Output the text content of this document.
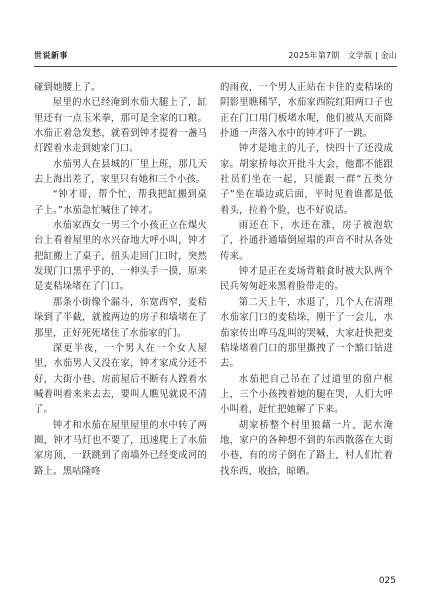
世说新事	2025年第7期　文学版 | 金山

碰到她腰上了。

屋里的水已经淹到水茄大腿上了，缸里还有一点玉米拳，那可是全家的口粮。水茄正着急发愁，就看到钟才提着一盏马灯蹚着水走到她家门口。

水茄男人在县城的厂里上班，那几天去上海出差了，家里只有她和三个小孩。

“钟才哥，帮个忙，帮我把缸搬到桌子上。”水茄急忙喊住了钟才。

水茄家西女一男三个小孩正立在煤火台上看着屋里的水兴奋地大呼小叫，钟才把缸搬上了桌子，扭头走回门口时，突然发现门口黑乎乎的，一伸头手一摸，原来是麦秸垛堵在了门口。

那条小街像个漏斗，东宽西窄，麦秸垛到了半截，就被两边的房子和墙堵在了那里，正好死死堵住了水茄家的门。

深更半夜，一个男人在一个女人屋里，水茄男人又没在家，钟才家成分还不好，大街小巷、房前屋后不断有人蹚着水喊着叫着来来去去，要叫人瞧见就说不清了。

钟才和水茄在屋里屋里的水中转了两圈，钟才马灯也不要了，迅速爬上了水茄家房顶，一跃跳到了南墙外已经变成河的路上。黑咕隆咚

的雨夜，一个男人正站在卡住的麦秸垛的阴影里瞧稀罕，水茄家西院红阳两口子也正在门口用门板堵水呢，他们被从天而降扑通一声落入水中的钟才吓了一跳。

钟才是地主的儿子，快四十了还没成家。胡家桥每次开批斗大会，他都不能跟社员们坐在一起，只能跟一群“五类分子”坐在墙边或后面，平时见着谁都是低着头，拉着个脸，也不好说话。

雨还在下，水还在涨，房子被泡软了，扑通扑通墙倒屋塌的声音不时从各处传来。

钟才是正在麦场背粮食时被大队两个民兵匆匆赶来黑着脸带走的。

第二天上午，水退了，几个人在清理水茄家门口的麦秸垛，刚干了一会儿，水茄家传出哗马乱叫的哭喊，大家赶快把麦秸垛堵着门口的那里撕拽了一个豁口钻进去。

水茄把自己吊在了过道里的窗户框上，三个小孩拽着她的腿在哭，人们大呼小叫着，赶忙把她解了下来。

胡家桥整个村里狼藉一片，泥水淹地，家户的各种想不到的东西散落在大街小巷，有的房子倒在了路上，村人们忙着找东西，收拾，晾晒。

025
